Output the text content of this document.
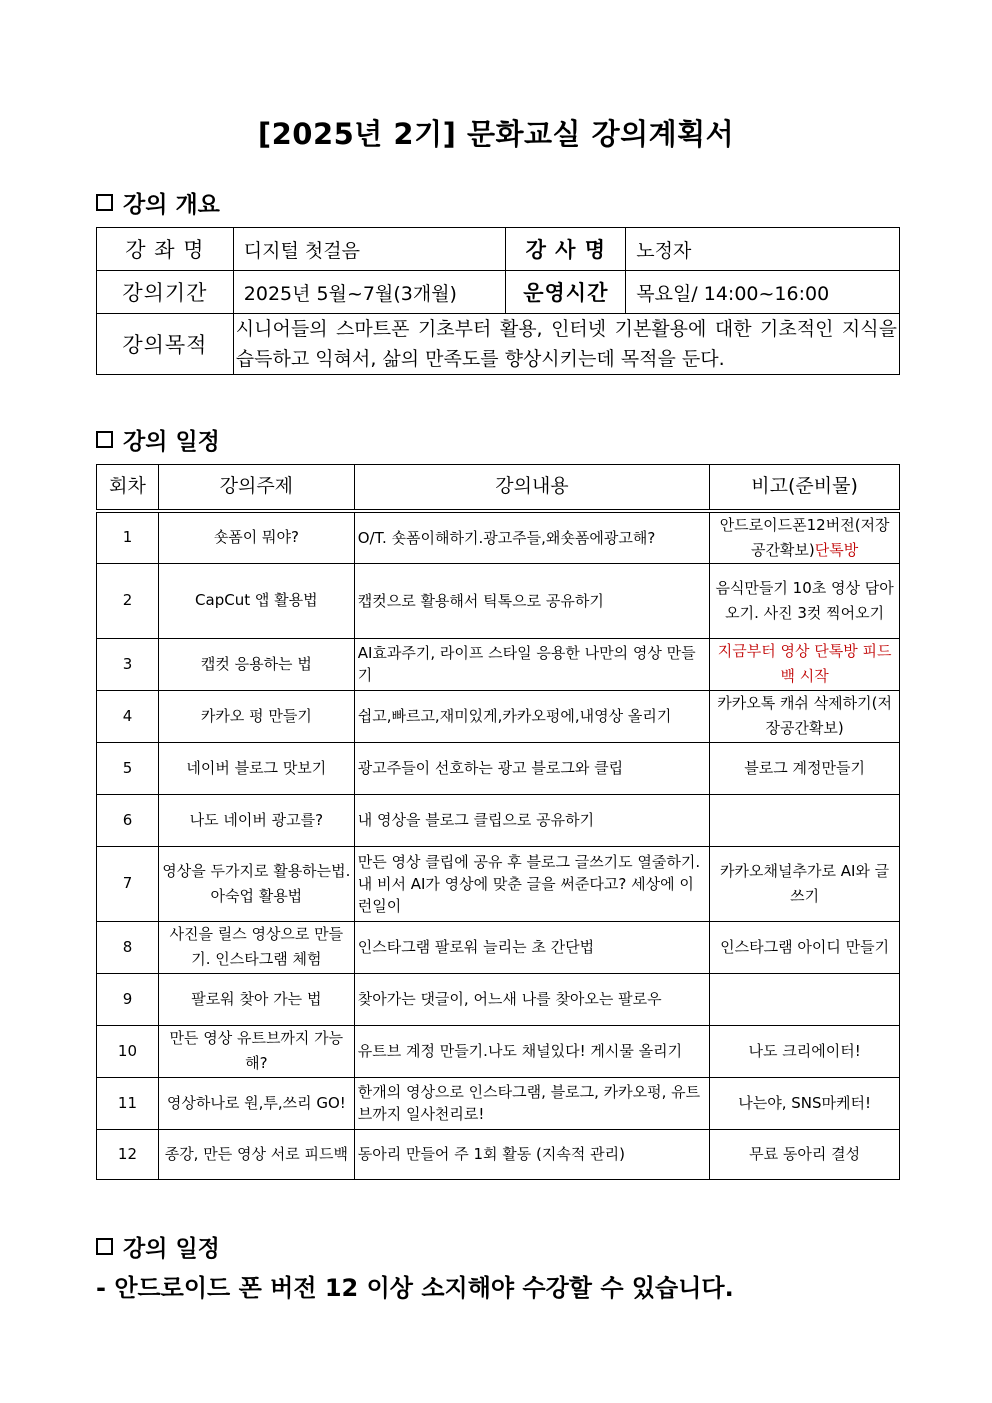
[2025년 2기] 문화교실 강의계획서
강의 개요
강 좌 명	디지털 첫걸음	강 사 명	노정자
강의기간	2025년 5월~7월(3개월)	운영시간	목요일/ 14:00~16:00
강의목적	시니어들의 스마트폰 기초부터 활용, 인터넷 기본활용에 대한 기초적인 지식을 습득하고 익혀서, 삶의 만족도를 향상시키는데 목적을 둔다.		
강의 일정
회차	강의주제	강의내용	비고(준비물)
1	숏폼이 뭐야?	O/T. 숏폼이해하기.광고주들,왜숏폼에광고해?	안드로이드폰12버전(저장공간확보)단톡방
2	CapCut 앱 활용법	캡컷으로 활용해서 틱톡으로 공유하기	음식만들기 10초 영상 담아오기. 사진 3컷 찍어오기
3	캡컷 응용하는 법	AI효과주기, 라이프 스타일 응용한 나만의 영상 만들기	지금부터 영상 단톡방 피드백 시작
4	카카오 펑 만들기	쉽고,빠르고,재미있게,카카오펑에,내영상 올리기	카카오톡 캐쉬 삭제하기(저장공간확보)
5	네이버 블로그 맛보기	광고주들이 선호하는 광고 블로그와 클립	블로그 계정만들기
6	나도 네이버 광고를?	내 영상을 블로그 클립으로 공유하기	
7	영상을 두가지로 활용하는법. 아숙업 활용법	만든 영상 클립에 공유 후 블로그 글쓰기도 열줄하기. 내 비서 AI가 영상에 맞춘 글을 써준다고? 세상에 이런일이	카카오채널추가로 AI와 글쓰기
8	사진을 릴스 영상으로 만들기. 인스타그램 체험	인스타그램 팔로워 늘리는 초 간단법	인스타그램 아이디 만들기
9	팔로워 찾아 가는 법	찾아가는 댓글이, 어느새 나를 찾아오는 팔로우	
10	만든 영상 유트브까지 가능해?	유트브 계정 만들기.나도 채널있다! 게시물 올리기	나도 크리에이터!
11	영상하나로 원,투,쓰리 GO!	한개의 영상으로 인스타그램, 블로그, 카카오펑, 유트브까지 일사천리로!	나는야, SNS마케터!
12	종강, 만든 영상 서로 피드백	동아리 만들어 주 1회 활동 (지속적 관리)	무료 동아리 결성
강의 일정
- 안드로이드 폰 버전 12 이상 소지해야 수강할 수 있습니다.
